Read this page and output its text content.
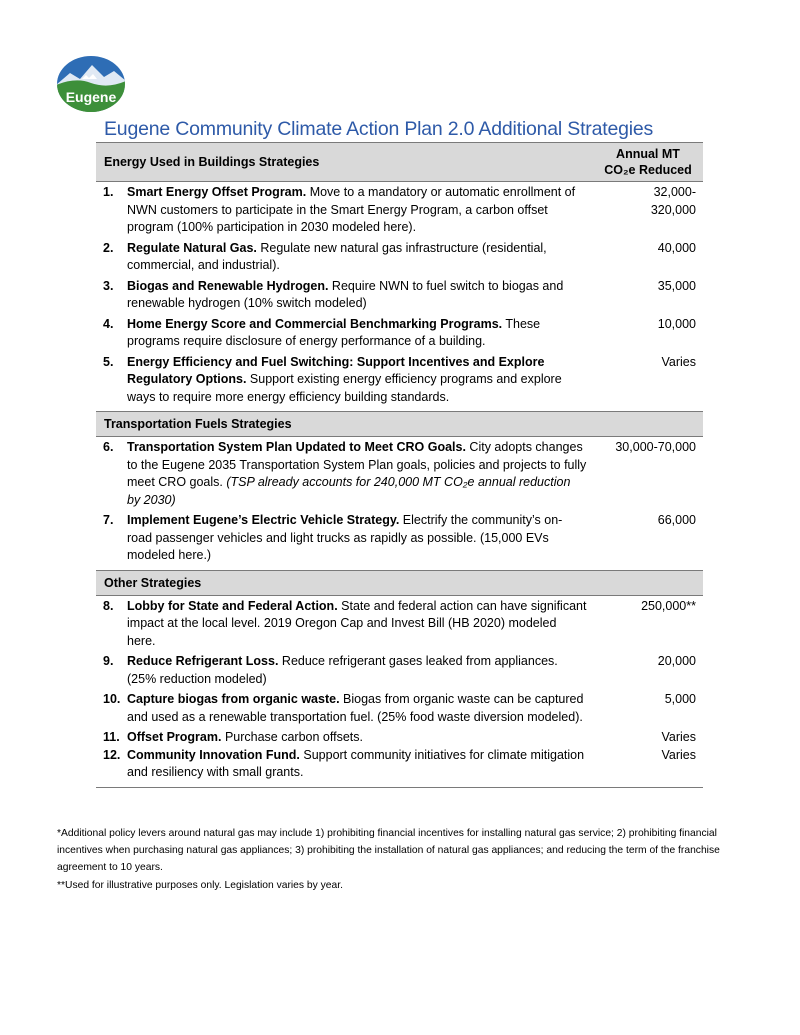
Eugene
Eugene Community Climate Action Plan 2.0 Additional Strategies
Energy Used in Buildings Strategies
Annual MT
CO₂e Reduced
1. Smart Energy Offset Program. Move to a mandatory or automatic enrollment of NWN customers to participate in the Smart Energy Program, a carbon offset program (100% participation in 2030 modeled here).
32,000-
320,000
2. Regulate Natural Gas. Regulate new natural gas infrastructure (residential, commercial, and industrial).
40,000
3. Biogas and Renewable Hydrogen. Require NWN to fuel switch to biogas and renewable hydrogen (10% switch modeled)
35,000
4. Home Energy Score and Commercial Benchmarking Programs. These programs require disclosure of energy performance of a building.
10,000
5. Energy Efficiency and Fuel Switching: Support Incentives and Explore Regulatory Options. Support existing energy efficiency programs and explore ways to require more energy efficiency building standards.
Varies
Transportation Fuels Strategies
6. Transportation System Plan Updated to Meet CRO Goals. City adopts changes to the Eugene 2035 Transportation System Plan goals, policies and projects to fully meet CRO goals. (TSP already accounts for 240,000 MT CO₂e annual reduction by 2030)
30,000-70,000
7. Implement Eugene’s Electric Vehicle Strategy. Electrify the community’s on-road passenger vehicles and light trucks as rapidly as possible. (15,000 EVs modeled here.)
66,000
Other Strategies
8. Lobby for State and Federal Action. State and federal action can have significant impact at the local level. 2019 Oregon Cap and Invest Bill (HB 2020) modeled here.
250,000**
9. Reduce Refrigerant Loss. Reduce refrigerant gases leaked from appliances. (25% reduction modeled)
20,000
10. Capture biogas from organic waste. Biogas from organic waste can be captured and used as a renewable transportation fuel. (25% food waste diversion modeled).
5,000
11. Offset Program. Purchase carbon offsets.	Varies
12. Community Innovation Fund. Support community initiatives for climate mitigation and resiliency with small grants.
Varies

*Additional policy levers around natural gas may include 1) prohibiting financial incentives for installing natural gas service; 2) prohibiting financial incentives when purchasing natural gas appliances; 3) prohibiting the installation of natural gas appliances; and reducing the term of the franchise agreement to 10 years.

**Used for illustrative purposes only. Legislation varies by year.
